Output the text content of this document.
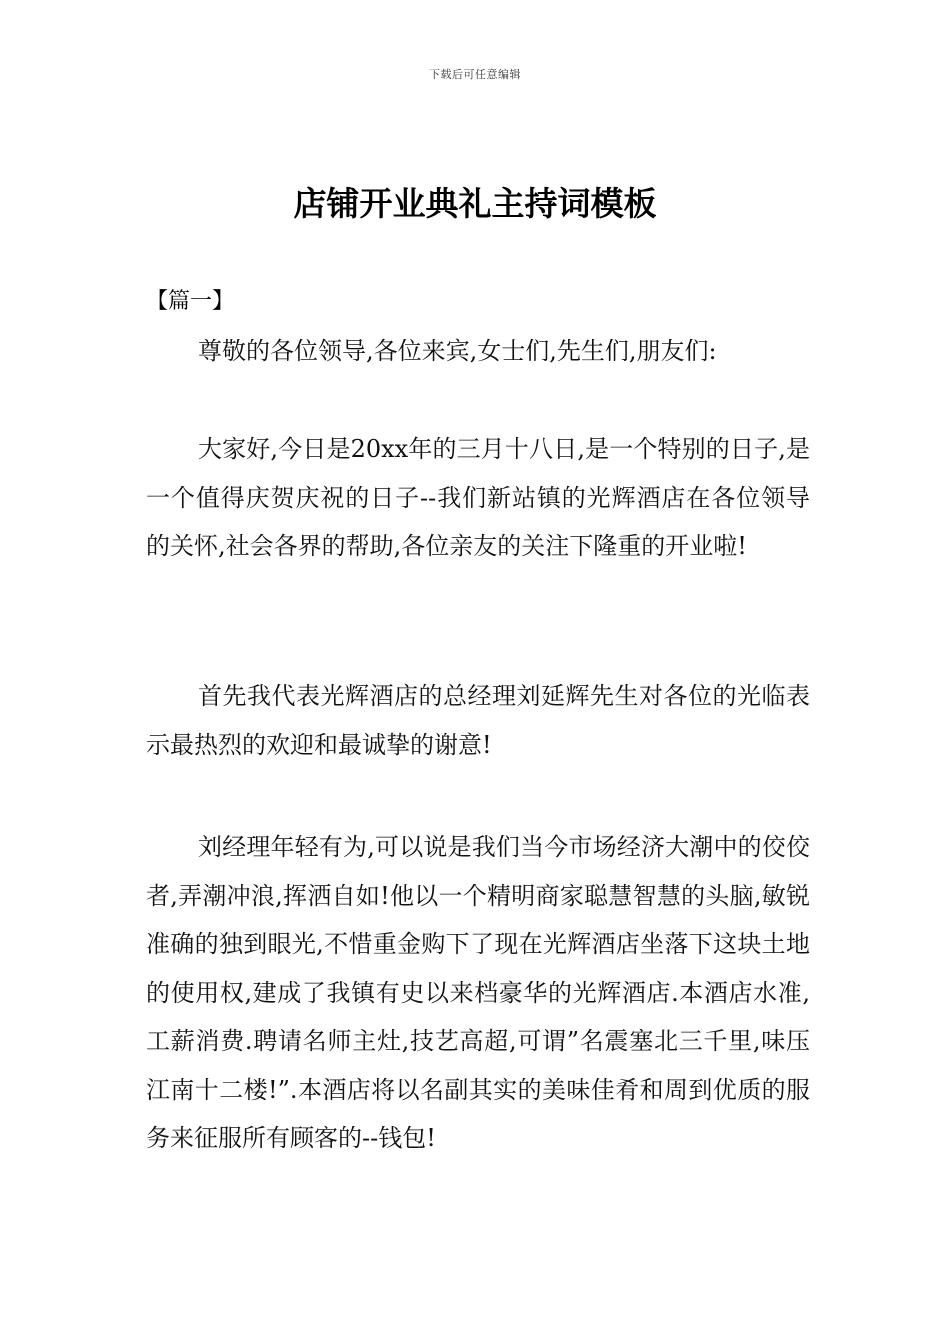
下载后可任意编辑
店铺开业典礼主持词模板
【篇一】

尊敬的各位领导,各位来宾,女士们,先生们,朋友们:

大家好,今日是20xx年的三月十八日,是一个特别的日子,是一个值得庆贺庆祝的日子--我们新站镇的光辉酒店在各位领导的关怀,社会各界的帮助,各位亲友的关注下隆重的开业啦!

首先我代表光辉酒店的总经理刘延辉先生对各位的光临表示最热烈的欢迎和最诚挚的谢意!

刘经理年轻有为,可以说是我们当今市场经济大潮中的佼佼者,弄潮冲浪,挥洒自如!他以一个精明商家聪慧智慧的头脑,敏锐准确的独到眼光,不惜重金购下了现在光辉酒店坐落下这块土地的使用权,建成了我镇有史以来档豪华的光辉酒店.本酒店水准,工薪消费.聘请名师主灶,技艺高超,可谓”名震塞北三千里,味压江南十二楼!”.本酒店将以名副其实的美味佳肴和周到优质的服务来征服所有顾客的--钱包!
